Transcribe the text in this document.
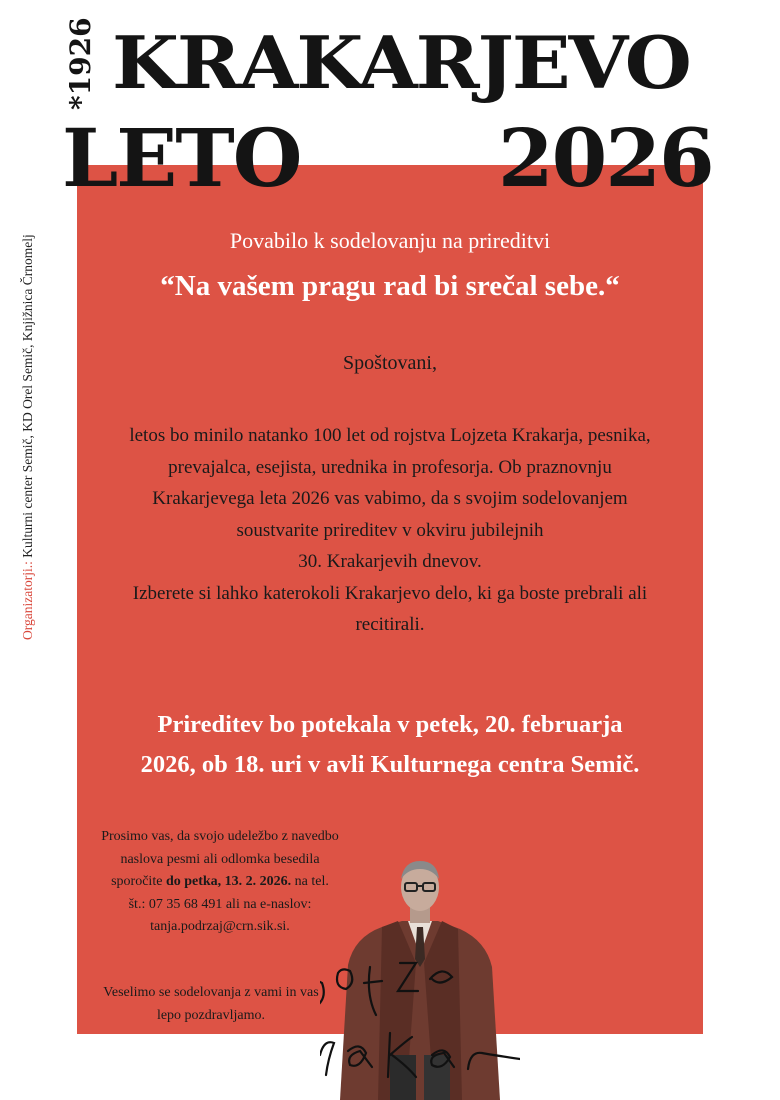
*1926 KRAKARJEVO
LETO 2026
Organizatorji.: Kulturni center Semič, KD Orel Semič, Knjižnica Črnomelj	Povabilo k sodelovanju na prireditvi
“Na vašem pragu rad bi srečal sebe.“
Spoštovani,
letos bo minilo natanko 100 let od rojstva Lojzeta Krakarja, pesnika,
prevajalca, esejista, urednika in profesorja. Ob praznovnju
Krakarjevega leta 2026 vas vabimo, da s svojim sodelovanjem
soustvarite prireditev v okviru jubilejnih
30. Krakarjevih dnevov.
Izberete si lahko katerokoli Krakarjevo delo, ki ga boste prebrali ali
recitirali.
Prireditev bo potekala v petek, 20. februarja
2026, ob 18. uri v avli Kulturnega centra Semič.
Prosimo vas, da svojo udeležbo z navedbo
naslova pesmi ali odlomka besedila
sporočite do petka, 13. 2. 2026. na tel.
št.: 07 35 68 491 ali na e-naslov:
tanja.podrzaj@crn.sik.si.
Veselimo se sodelovanja z vami in vas
lepo pozdravljamo.
